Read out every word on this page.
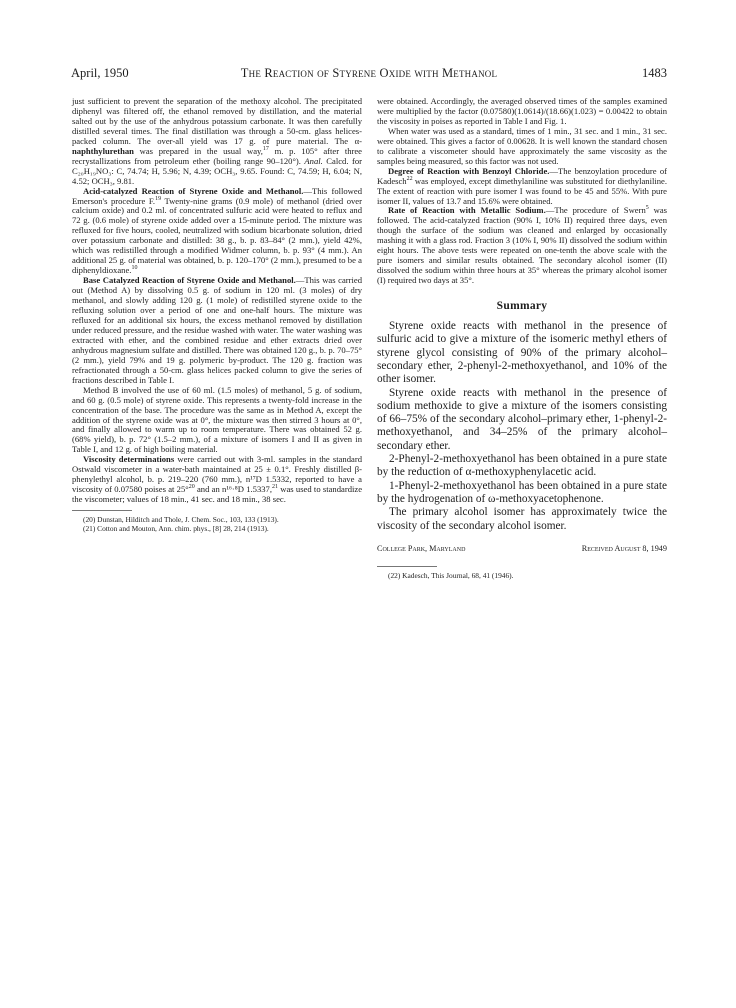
April, 1950	The Reaction of Styrene Oxide with Methanol	1483

just sufficient to prevent the separation of the methoxy alcohol. The precipitated diphenyl was filtered off, the ethanol removed by distillation, and the material salted out by the use of the anhydrous potassium carbonate. It was then carefully distilled several times. The final distillation was through a 50-cm. glass helices-packed column. The over-all yield was 17 g. of pure material. The α-naphthylurethan was prepared in the usual way,$^{17}$ m. p. 105° after three recrystallizations from petroleum ether (boiling range 90–120°). Anal. Calcd. for C₂₀H₁₉NO₃: C, 74.74; H, 5.96; N, 4.39; OCH₃, 9.65. Found: C, 74.59; H, 6.04; N, 4.52; OCH₃, 9.81.

Acid-catalyzed Reaction of Styrene Oxide and Methanol.—This followed Emerson's procedure F.$^{19}$ Twenty-nine grams (0.9 mole) of methanol (dried over calcium oxide) and 0.2 ml. of concentrated sulfuric acid were heated to reflux and 72 g. (0.6 mole) of styrene oxide added over a 15-minute period. The mixture was refluxed for five hours, cooled, neutralized with sodium bicarbonate solution, dried over potassium carbonate and distilled: 38 g., b. p. 83–84° (2 mm.), yield 42%, which was redistilled through a modified Widmer column, b. p. 93° (4 mm.). An additional 25 g. of material was obtained, b. p. 120–170° (2 mm.), presumed to be a diphenyldioxane.$^{10}$

Base Catalyzed Reaction of Styrene Oxide and Methanol.—This was carried out (Method A) by dissolving 0.5 g. of sodium in 120 ml. (3 moles) of dry methanol, and slowly adding 120 g. (1 mole) of redistilled styrene oxide to the refluxing solution over a period of one and one-half hours. The mixture was refluxed for an additional six hours, the excess methanol removed by distillation under reduced pressure, and the residue washed with water. The water washing was extracted with ether, and the combined residue and ether extracts dried over anhydrous magnesium sulfate and distilled. There was obtained 120 g., b. p. 70–75° (2 mm.), yield 79% and 19 g. polymeric by-product. The 120 g. fraction was refractionated through a 50-cm. glass helices packed column to give the series of fractions described in Table I.

Method B involved the use of 60 ml. (1.5 moles) of methanol, 5 g. of sodium, and 60 g. (0.5 mole) of styrene oxide. This represents a twenty-fold increase in the concentration of the base. The procedure was the same as in Method A, except the addition of the styrene oxide was at 0°, the mixture was then stirred 3 hours at 0°, and finally allowed to warm up to room temperature. There was obtained 52 g. (68% yield), b. p. 72° (1.5–2 mm.), of a mixture of isomers I and II as given in Table I, and 12 g. of high boiling material.

Viscosity determinations were carried out with 3-ml. samples in the standard Ostwald viscometer in a water-bath maintained at 25 ± 0.1°. Freshly distilled β-phenylethyl alcohol, b. p. 219–220 (760 mm.), n¹⁷D 1.5332, reported to have a viscosity of 0.07580 poises at 25°$^{20}$ and an n¹⁶·⁸D 1.5337,21 was used to standardize the viscometer; values of 18 min., 41 sec. and 18 min., 38 sec.

(20) Dunstan, Hilditch and Thole, J. Chem. Soc., 103, 133 (1913).

(21) Cotton and Mouton, Ann. chim. phys., [8] 28, 214 (1913).

were obtained. Accordingly, the averaged observed times of the samples examined were multiplied by the factor (0.07580)(1.0614)/(18.66)(1.023) = 0.00422 to obtain the viscosity in poises as reported in Table I and Fig. 1.

When water was used as a standard, times of 1 min., 31 sec. and 1 min., 31 sec. were obtained. This gives a factor of 0.00628. It is well known the standard chosen to calibrate a viscometer should have approximately the same viscosity as the samples being measured, so this factor was not used.

Degree of Reaction with Benzoyl Chloride.—The benzoylation procedure of Kadesch$^{22}$ was employed, except dimethylaniline was substituted for diethylaniline. The extent of reaction with pure isomer I was found to be 45 and 55%. With pure isomer II, values of 13.7 and 15.6% were obtained.

Rate of Reaction with Metallic Sodium.—The procedure of Swern$^5$ was followed. The acid-catalyzed fraction (90% I, 10% II) required three days, even though the surface of the sodium was cleaned and enlarged by occasionally mashing it with a glass rod. Fraction 3 (10% I, 90% II) dissolved the sodium within eight hours. The above tests were repeated on one-tenth the above scale with the pure isomers and similar results obtained. The secondary alcohol isomer (II) dissolved the sodium within three hours at 35° whereas the primary alcohol isomer (I) required two days at 35°.

Summary

Styrene oxide reacts with methanol in the presence of sulfuric acid to give a mixture of the isomeric methyl ethers of styrene glycol consisting of 90% of the primary alcohol–secondary ether, 2-phenyl-2-methoxyethanol, and 10% of the other isomer.

Styrene oxide reacts with methanol in the presence of sodium methoxide to give a mixture of the isomers consisting of 66–75% of the secondary alcohol–primary ether, 1-phenyl-2-methoxyethanol, and 34–25% of the primary alcohol–secondary ether.

2-Phenyl-2-methoxyethanol has been obtained in a pure state by the reduction of α-methoxyphenylacetic acid.

1-Phenyl-2-methoxyethanol has been obtained in a pure state by the hydrogenation of ω-methoxyacetophenone.

The primary alcohol isomer has approximately twice the viscosity of the secondary alcohol isomer.

College Park, Maryland	Received August 8, 1949

(22) Kadesch, This Journal, 68, 41 (1946).
